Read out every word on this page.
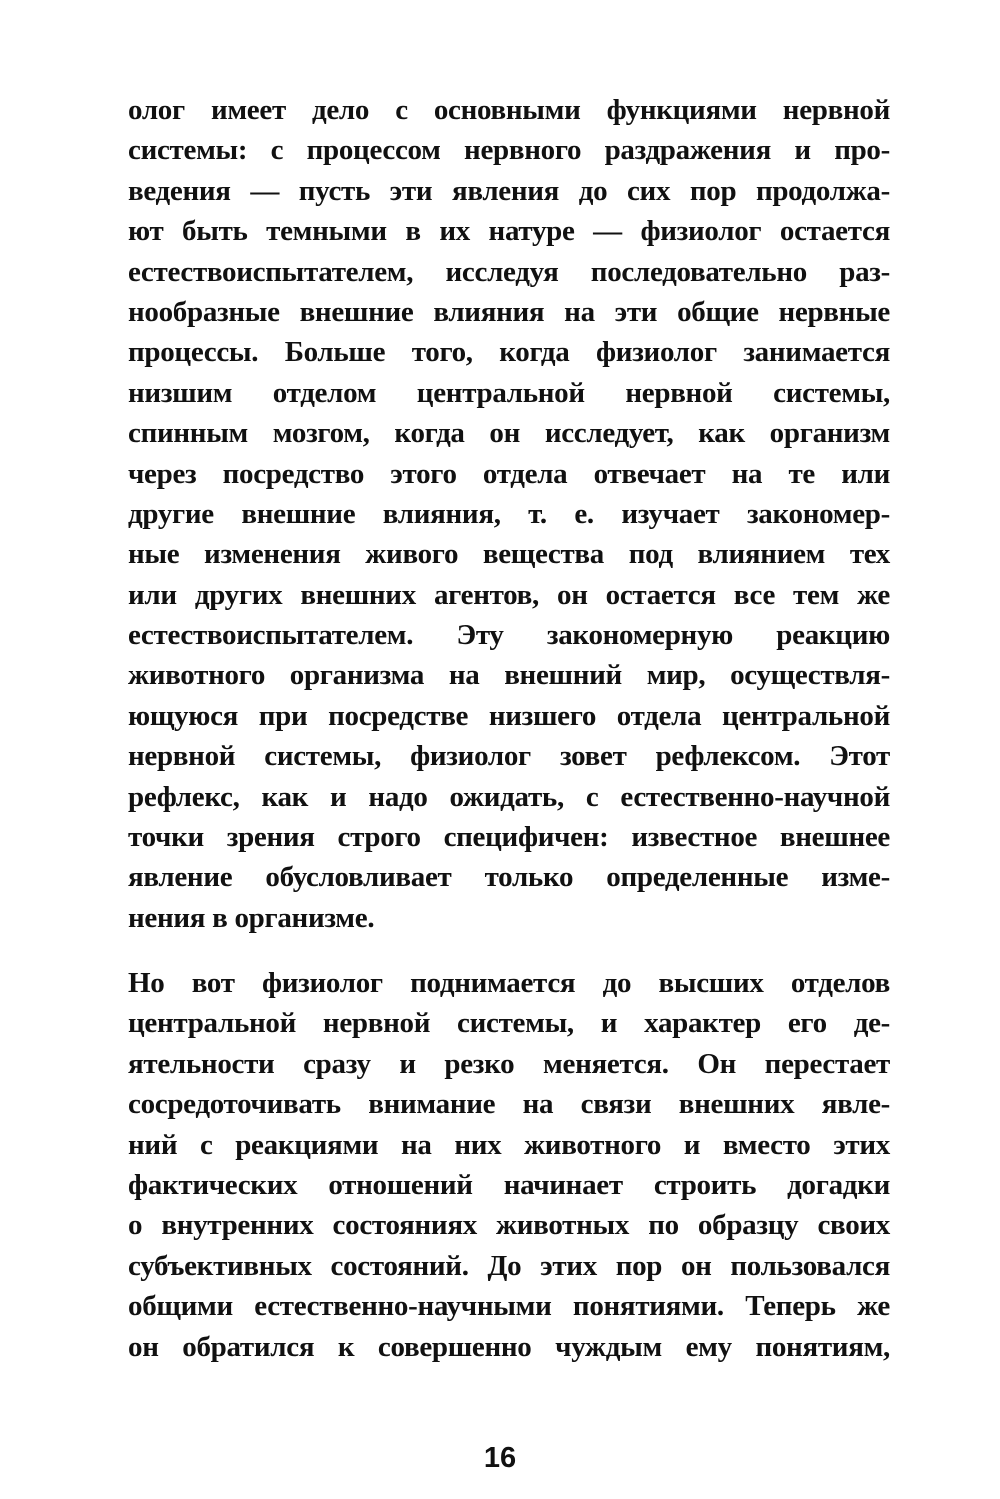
олог имеет дело с основными функциями нервной
системы: с процессом нервного раздражения и про-
ведения — пусть эти явления до сих пор продолжа-
ют быть темными в их натуре — физиолог остается
естествоиспытателем, исследуя последовательно раз-
нообразные внешние влияния на эти общие нервные
процессы. Больше того, когда физиолог занимается
низшим отделом центральной нервной системы,
спинным мозгом, когда он исследует, как организм
через посредство этого отдела отвечает на те или
другие внешние влияния, т. е. изучает закономер-
ные изменения живого вещества под влиянием тех
или других внешних агентов, он остается все тем же
естествоиспытателем. Эту закономерную реакцию
животного организма на внешний мир, осуществля-
ющуюся при посредстве низшего отдела центральной
нервной системы, физиолог зовет рефлексом. Этот
рефлекс, как и надо ожидать, с естественно-научной
точки зрения строго специфичен: известное внешнее
явление обусловливает только определенные изме-
нения в организме.
Но вот физиолог поднимается до высших отделов
центральной нервной системы, и характер его де-
ятельности сразу и резко меняется. Он перестает
сосредоточивать внимание на связи внешних явле-
ний с реакциями на них животного и вместо этих
фактических отношений начинает строить догадки
о внутренних состояниях животных по образцу своих
субъективных состояний. До этих пор он пользовался
общими естественно-научными понятиями. Теперь же
он обратился к совершенно чуждым ему понятиям,
16
